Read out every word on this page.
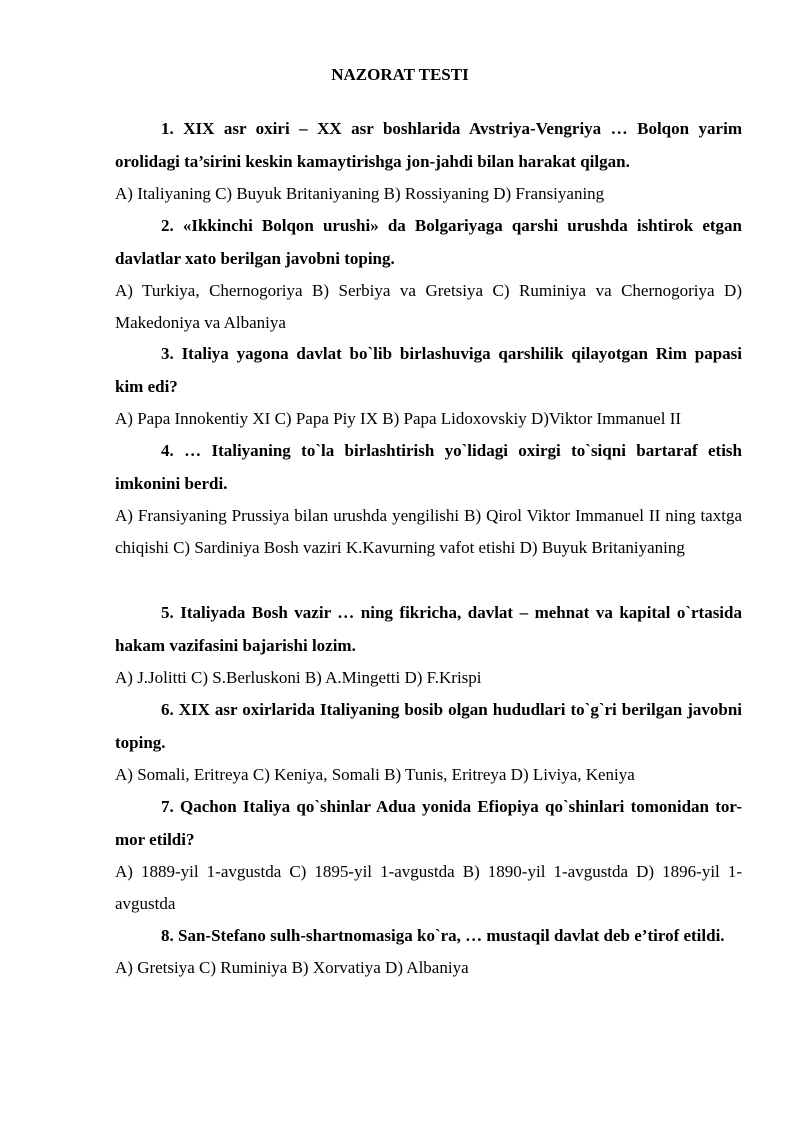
NAZORAT TESTI

1. XIX asr oxiri – XX asr boshlarida Avstriya-Vengriya … Bolqon yarim orolidagi ta’sirini keskin kamaytirishga jon-jahdi bilan harakat qilgan.

A) Italiyaning C) Buyuk Britaniyaning B) Rossiyaning D) Fransiyaning

2. «Ikkinchi Bolqon urushi» da Bolgariyaga qarshi urushda ishtirok etgan davlatlar xato berilgan javobni toping.

A) Turkiya, Chernogoriya B) Serbiya va Gretsiya C) Ruminiya va Chernogoriya D) Makedoniya va Albaniya

3. Italiya yagona davlat bo`lib birlashuviga qarshilik qilayotgan Rim papasi kim edi?

A) Papa Innokentiy XI C) Papa Piy IX B) Papa Lidoxovskiy D)Viktor Immanuel II

4. … Italiyaning to`la birlashtirish yo`lidagi oxirgi to`siqni bartaraf etish imkonini berdi.

A) Fransiyaning Prussiya bilan urushda yengilishi B) Qirol Viktor Immanuel II ning taxtga chiqishi C) Sardiniya Bosh vaziri K.Kavurning vafot etishi D) Buyuk Britaniyaning

5. Italiyada Bosh vazir … ning fikricha, davlat – mehnat va kapital o`rtasida hakam vazifasini bajarishi lozim.

A) J.Jolitti C) S.Berluskoni B) A.Mingetti D) F.Krispi

6. XIX asr oxirlarida Italiyaning bosib olgan hududlari to`g`ri berilgan javobni toping.

A) Somali, Eritreya C) Keniya, Somali B) Tunis, Eritreya D) Liviya, Keniya

7. Qachon Italiya qo`shinlar Adua yonida Efiopiya qo`shinlari tomonidan tor-mor etildi?

A) 1889-yil 1-avgustda C) 1895-yil 1-avgustda B) 1890-yil 1-avgustda D) 1896-yil 1-avgustda

8. San-Stefano sulh-shartnomasiga ko`ra, … mustaqil davlat deb e’tirof etildi.

A) Gretsiya C) Ruminiya B) Xorvatiya D) Albaniya
